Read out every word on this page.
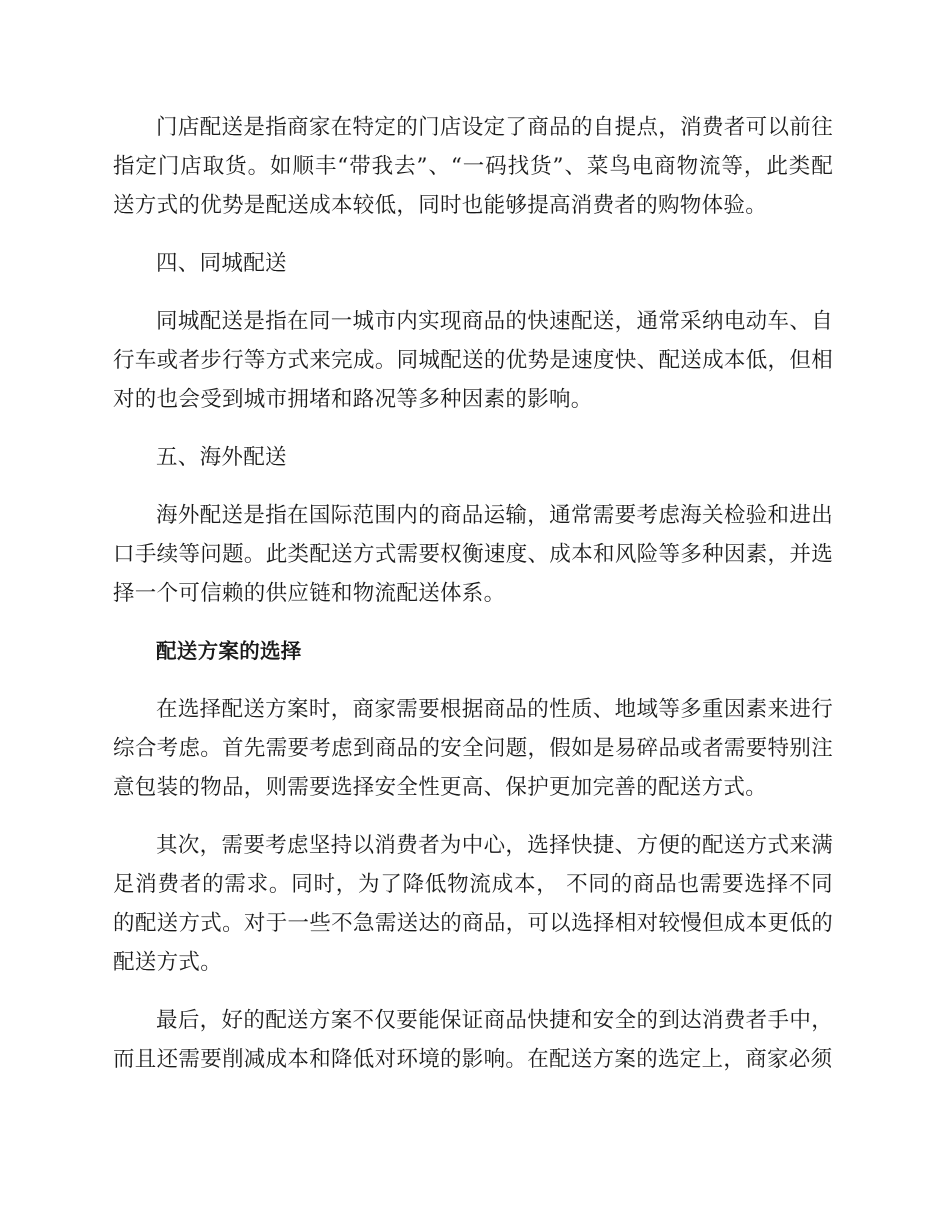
门店配送是指商家在特定的门店设定了商品的自提点，消费者可以前往指定门店取货。如顺丰“带我去”、“一码找货”、菜鸟电商物流等，此类配送方式的优势是配送成本较低，同时也能够提高消费者的购物体验。

四、同城配送

同城配送是指在同一城市内实现商品的快速配送，通常采纳电动车、自行车或者步行等方式来完成。同城配送的优势是速度快、配送成本低，但相对的也会受到城市拥堵和路况等多种因素的影响。

五、海外配送

海外配送是指在国际范围内的商品运输，通常需要考虑海关检验和进出口手续等问题。此类配送方式需要权衡速度、成本和风险等多种因素，并选择一个可信赖的供应链和物流配送体系。

配送方案的选择

在选择配送方案时，商家需要根据商品的性质、地域等多重因素来进行综合考虑。首先需要考虑到商品的安全问题，假如是易碎品或者需要特别注意包装的物品，则需要选择安全性更高、保护更加完善的配送方式。

其次，需要考虑坚持以消费者为中心，选择快捷、方便的配送方式来满足消费者的需求。同时，为了降低物流成本， 不同的商品也需要选择不同的配送方式。对于一些不急需送达的商品，可以选择相对较慢但成本更低的配送方式。

最后，好的配送方案不仅要能保证商品快捷和安全的到达消费者手中，而且还需要削减成本和降低对环境的影响。在配送方案的选定上，商家必须
